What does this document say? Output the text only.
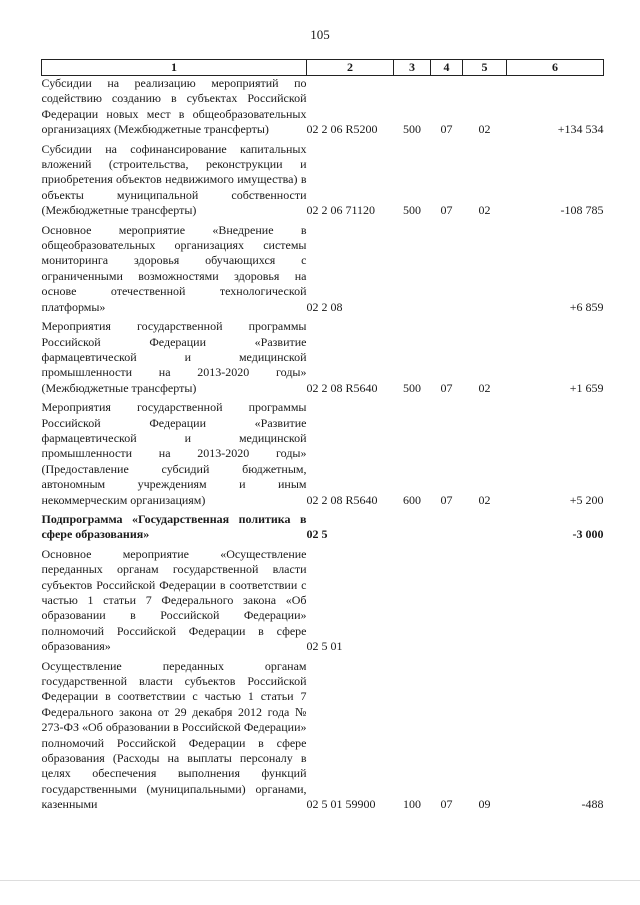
105
1	2	3	4	5	6
Субсидии на реализацию мероприятий по содействию созданию в субъектах Российской Федерации новых мест в общеобразовательных организациях (Межбюджетные трансферты)	02 2 06 R5200	500	07	02	+134 534
Субсидии на софинансирование капитальных вложений (строительства, реконструкции и приобретения объектов недвижимого имущества) в объекты муниципальной собственности (Межбюджетные трансферты)	02 2 06 71120	500	07	02	-108 785
Основное мероприятие «Внедрение в общеобразовательных организациях системы мониторинга здоровья обучающихся с ограниченными возможностями здоровья на основе отечественной технологической платформы»	02 2 08				+6 859
Мероприятия государственной программы Российской Федерации «Развитие фармацевтической и медицинской промышленности на 2013-2020 годы» (Межбюджетные трансферты)	02 2 08 R5640	500	07	02	+1 659
Мероприятия государственной программы Российской Федерации «Развитие фармацевтической и медицинской промышленности на 2013-2020 годы» (Предоставление субсидий бюджетным, автономным учреждениям и иным некоммерческим организациям)	02 2 08 R5640	600	07	02	+5 200
Подпрограмма «Государственная политика в сфере образования»	02 5				-3 000
Основное мероприятие «Осуществление переданных органам государственной власти субъектов Российской Федерации в соответствии с частью 1 статьи 7 Федерального закона «Об образовании в Российской Федерации» полномочий Российской Федерации в сфере образования»	02 5 01				
Осуществление переданных органам государственной власти субъектов Российской Федерации в соответствии с частью 1 статьи 7 Федерального закона от 29 декабря 2012 года № 273-ФЗ «Об образовании в Российской Федерации» полномочий Российской Федерации в сфере образования (Расходы на выплаты персоналу в целях обеспечения выполнения функций государственными (муниципальными) органами, казенными	02 5 01 59900	100	07	09	-488
